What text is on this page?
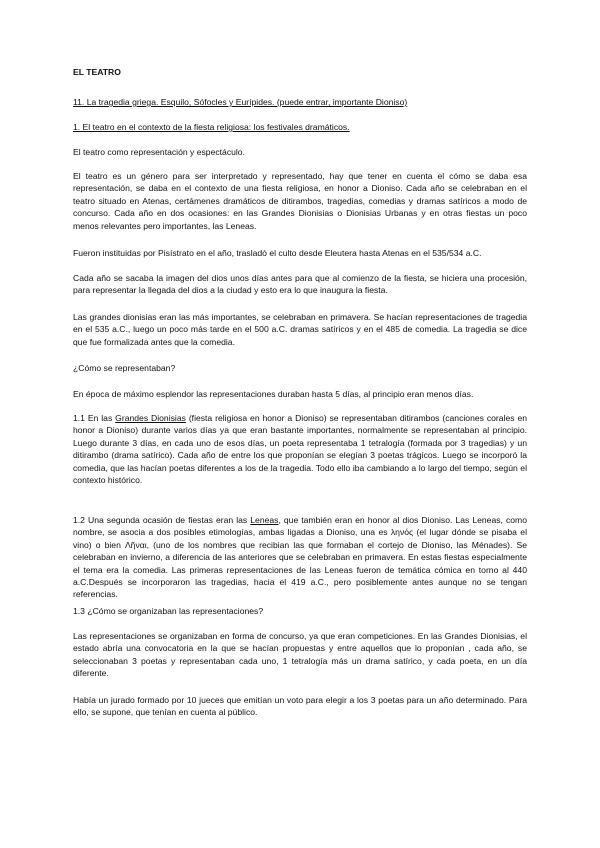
EL TEATRO

11. La tragedia griega. Esquilo, Sófocles y Eurípides. (puede entrar, importante Dioniso)

1. El teatro en el contexto de la fiesta religiosa: los festivales dramáticos.

El teatro como representación y espectáculo.

El teatro es un género para ser interpretado y representado, hay que tener en cuenta el cómo se daba esa representación, se daba en el contexto de una fiesta religiosa, en honor a Dioniso. Cada año se celebraban en el teatro situado en Atenas, certámenes dramáticos de ditirambos, tragedias, comedias y dramas satíricos a modo de concurso. Cada año en dos ocasiones: en las Grandes Dionisias o Dionisias Urbanas y en otras fiestas un poco menos relevantes pero importantes, las Leneas.

Fueron instituidas por Pisístrato en el año, trasladó el culto desde Eleutera hasta Atenas en el 535/534 a.C.

Cada año se sacaba la imagen del dios unos días antes para que al comienzo de la fiesta, se hiciera una procesión, para representar la llegada del dios a la ciudad y esto era lo que inaugura la fiesta.

Las grandes dionisias eran las más importantes, se celebraban en primavera. Se hacían representaciones de tragedia en el 535 a.C., luego un poco más tarde en el 500 a.C. dramas satíricos y en el 485 de comedia. La tragedia se dice que fue formalizada antes que la comedia.

¿Cómo se representaban?

En época de máximo esplendor las representaciones duraban hasta 5 días, al principio eran menos días.

1.1 En las Grandes Dionisias (fiesta religiosa en honor a Dioniso) se representaban ditirambos (canciones corales en honor a Dioniso) durante varios días ya que eran bastante importantes, normalmente se representaban al principio. Luego durante 3 días, en cada uno de esos días, un poeta representaba 1 tetralogía (formada por 3 tragedias) y un ditirambo (drama satírico). Cada año de entre los que proponían se elegían 3 poetas trágicos. Luego se incorporó la comedia, que las hacían poetas diferentes a los de la tragedia. Todo ello iba cambiando a lo largo del tiempo, según el contexto histórico.

1.2 Una segunda ocasión de fiestas eran las Leneas, que también eran en honor al dios Dioniso. Las Leneas, como nombre, se asocia a dos posibles etimologías, ambas ligadas a Dioniso, una es ληνός (el lugar dónde se pisaba el vino) o bien Λῆναι, (uno de los nombres que recibian las que formaban el cortejo de Dioniso, las Ménades). Se celebraban en invierno, a diferencia de las anteriores que se celebraban en primavera. En estas fiestas especialmente el tema era la comedia. Las primeras representaciones de las Leneas fueron de temática cómica en torno al 440 a.C.Después se incorporaron las tragedias, hacia el 419 a.C., pero posiblemente antes aunque no se tengan referencias.

1.3 ¿Cómo se organizaban las representaciones?

Las representaciones se organizaban en forma de concurso, ya que eran competiciones. En las Grandes Dionisias, el estado abría una convocatoria en la que se hacían propuestas y entre aquellos que lo proponían , cada año, se seleccionaban 3 poetas y representaban cada uno, 1 tetralogía más un drama satírico, y cada poeta, en un día diferente.

Había un jurado formado por 10 jueces que emitían un voto para elegir a los 3 poetas para un año determinado. Para ello, se supone, que tenían en cuenta al público.
